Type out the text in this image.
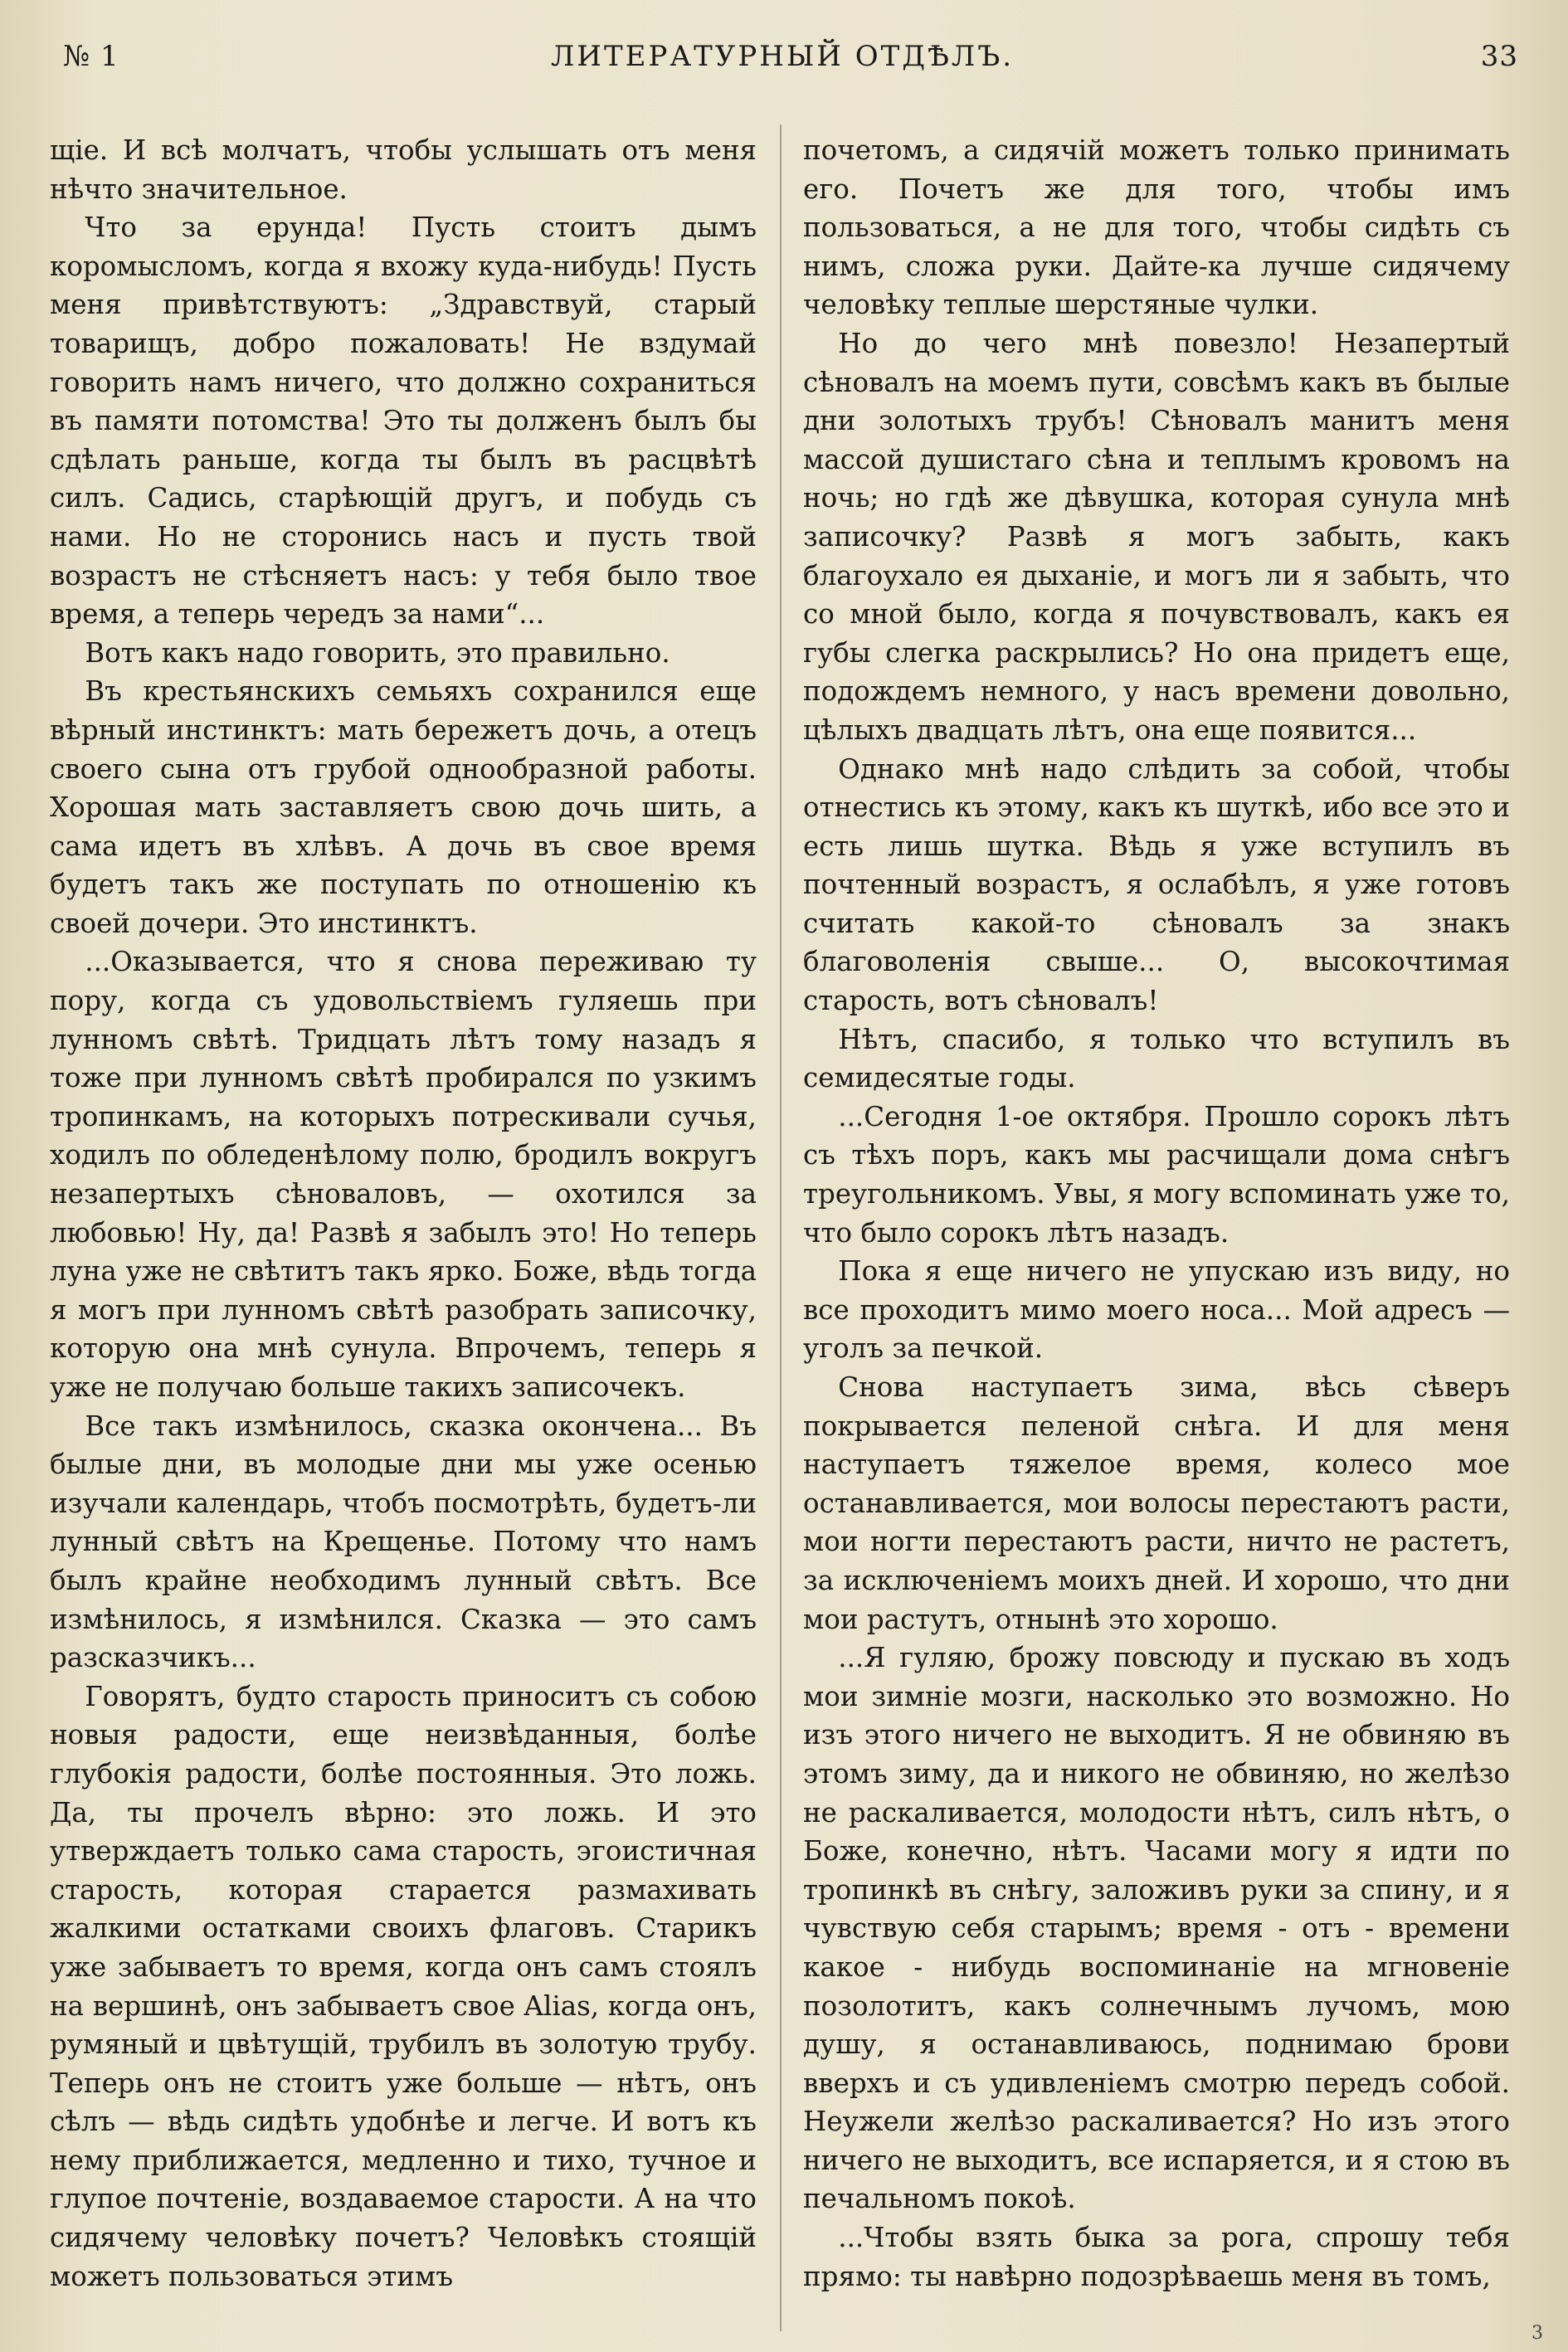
№ 1	ЛИТЕРАТУРНЫЙ ОТДѢЛЪ.	33

щіе. И всѣ молчатъ, чтобы услышать отъ меня нѣчто значительное.

Что за ерунда! Пусть стоитъ дымъ коромысломъ, когда я вхожу куда-нибудь! Пусть меня привѣтствуютъ: „Здравствуй, старый товарищъ, добро пожаловать! Не вздумай говорить намъ ничего, что должно сохраниться въ памяти потомства! Это ты долженъ былъ бы сдѣлать раньше, когда ты былъ въ расцвѣтѣ силъ. Садись, старѣющій другъ, и побудь съ нами. Но не сторонись насъ и пусть твой возрастъ не стѣсняетъ насъ: у тебя было твое время, а теперь чередъ за нами“...

Вотъ какъ надо говорить, это правильно.

Въ крестьянскихъ семьяхъ сохранился еще вѣрный инстинктъ: мать бережетъ дочь, а отецъ своего сына отъ грубой однообразной работы. Хорошая мать заставляетъ свою дочь шить, а сама идетъ въ хлѣвъ. А дочь въ свое время будетъ такъ же поступать по отношенію къ своей дочери. Это инстинктъ.

...Оказывается, что я снова переживаю ту пору, когда съ удовольствіемъ гуляешь при лунномъ свѣтѣ. Тридцать лѣтъ тому назадъ я тоже при лунномъ свѣтѣ пробирался по узкимъ тропинкамъ, на которыхъ потрескивали сучья, ходилъ по обледенѣлому полю, бродилъ вокругъ незапертыхъ сѣноваловъ, — охотился за любовью! Ну, да! Развѣ я забылъ это! Но теперь луна уже не свѣтитъ такъ ярко. Боже, вѣдь тогда я могъ при лунномъ свѣтѣ разобрать записочку, которую она мнѣ сунула. Впрочемъ, теперь я уже не получаю больше такихъ записочекъ.

Все такъ измѣнилось, сказка окончена... Въ былые дни, въ молодые дни мы уже осенью изучали календарь, чтобъ посмотрѣть, будетъ-ли лунный свѣтъ на Крещенье. Потому что намъ былъ крайне необходимъ лунный свѣтъ. Все измѣнилось, я измѣнился. Сказка — это самъ разсказчикъ...

Говорятъ, будто старость приноситъ съ собою новыя радости, еще неизвѣданныя, болѣе глубокія радости, болѣе постоянныя. Это ложь. Да, ты прочелъ вѣрно: это ложь. И это утверждаетъ только сама старость, эгоистичная старость, которая старается размахивать жалкими остатками своихъ флаговъ. Старикъ уже забываетъ то время, когда онъ самъ стоялъ на вершинѣ, онъ забываетъ свое Alias, когда онъ, румяный и цвѣтущій, трубилъ въ золотую трубу. Теперь онъ не стоитъ уже больше — нѣтъ, онъ сѣлъ — вѣдь сидѣть удобнѣе и легче. И вотъ къ нему приближается, медленно и тихо, тучное и глупое почтеніе, воздаваемое старости. А на что сидячему человѣку почетъ? Человѣкъ стоящій можетъ пользоваться этимъ

почетомъ, а сидячій можетъ только принимать его. Почетъ же для того, чтобы имъ пользоваться, а не для того, чтобы сидѣть съ нимъ, сложа руки. Дайте-ка лучше сидячему человѣку теплые шерстяные чулки.

Но до чего мнѣ повезло! Незапертый сѣновалъ на моемъ пути, совсѣмъ какъ въ былые дни золотыхъ трубъ! Сѣновалъ манитъ меня массой душистаго сѣна и теплымъ кровомъ на ночь; но гдѣ же дѣвушка, которая сунула мнѣ записочку? Развѣ я могъ забыть, какъ благоухало ея дыханіе, и могъ ли я забыть, что со мной было, когда я почувствовалъ, какъ ея губы слегка раскрылись? Но она придетъ еще, подождемъ немного, у насъ времени довольно, цѣлыхъ двадцать лѣтъ, она еще появится...

Однако мнѣ надо слѣдить за собой, чтобы отнестись къ этому, какъ къ шуткѣ, ибо все это и есть лишь шутка. Вѣдь я уже вступилъ въ почтенный возрастъ, я ослабѣлъ, я уже готовъ считать какой-то сѣновалъ за знакъ благоволенія свыше... О, высокочтимая старость, вотъ сѣновалъ!

Нѣтъ, спасибо, я только что вступилъ въ семидесятые годы.

...Сегодня 1-ое октября. Прошло сорокъ лѣтъ съ тѣхъ поръ, какъ мы расчищали дома снѣгъ треугольникомъ. Увы, я могу вспоминать уже то, что было сорокъ лѣтъ назадъ.

Пока я еще ничего не упускаю изъ виду, но все проходитъ мимо моего носа... Мой адресъ — уголъ за печкой.

Снова наступаетъ зима, вѣсь сѣверъ покрывается пеленой снѣга. И для меня наступаетъ тяжелое время, колесо мое останавливается, мои волосы перестаютъ расти, мои ногти перестаютъ расти, ничто не растетъ, за исключеніемъ моихъ дней. И хорошо, что дни мои растутъ, отнынѣ это хорошо.

...Я гуляю, брожу повсюду и пускаю въ ходъ мои зимніе мозги, насколько это возможно. Но изъ этого ничего не выходитъ. Я не обвиняю въ этомъ зиму, да и никого не обвиняю, но желѣзо не раскаливается, молодости нѣтъ, силъ нѣтъ, о Боже, конечно, нѣтъ. Часами могу я идти по тропинкѣ въ снѣгу, заложивъ руки за спину, и я чувствую себя старымъ; время - отъ - времени какое - нибудь воспоминаніе на мгновеніе позолотитъ, какъ солнечнымъ лучомъ, мою душу, я останавливаюсь, поднимаю брови вверхъ и съ удивленіемъ смотрю передъ собой. Неужели желѣзо раскаливается? Но изъ этого ничего не выходитъ, все испаряется, и я стою въ печальномъ покоѣ.

...Чтобы взять быка за рога, спрошу тебя прямо: ты навѣрно подозрѣваешь меня въ томъ,

3
